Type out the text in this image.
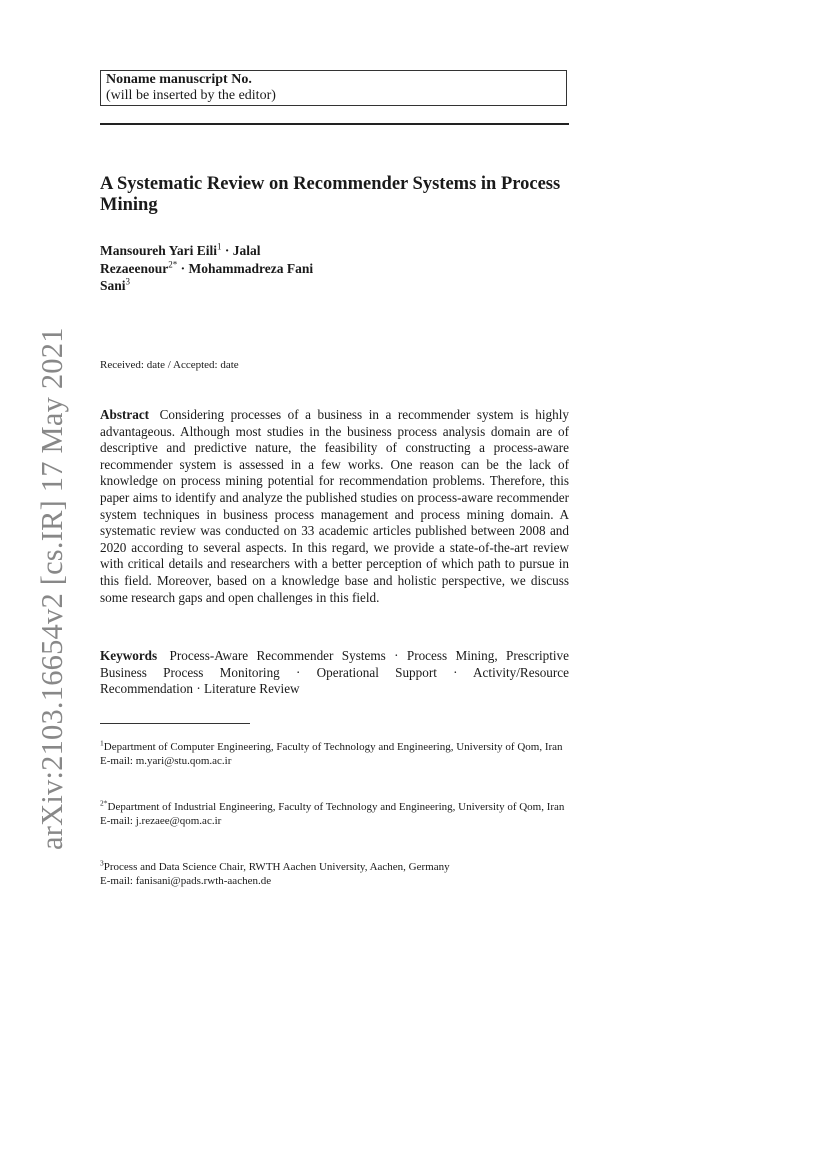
arXiv:2103.16654v2 [cs.IR] 17 May 2021
Noname manuscript No.
(will be inserted by the editor)
A Systematic Review on Recommender Systems in Process Mining
Mansoureh Yari Eili$^1$ · Jalal
Rezaeenour$^{2*}$ · Mohammadreza Fani
Sani$^3$
Received: date / Accepted: date
Abstract Considering processes of a business in a recommender system is highly advantageous. Although most studies in the business process analysis domain are of descriptive and predictive nature, the feasibility of constructing a process-aware recommender system is assessed in a few works. One reason can be the lack of knowledge on process mining potential for recommendation problems. Therefore, this paper aims to identify and analyze the published studies on process-aware recommender system techniques in business process management and process mining domain. A systematic review was conducted on 33 academic articles published between 2008 and 2020 according to several aspects. In this regard, we provide a state-of-the-art review with critical details and researchers with a better perception of which path to pursue in this field. Moreover, based on a knowledge base and holistic perspective, we discuss some research gaps and open challenges in this field.
Keywords Process-Aware Recommender Systems · Process Mining, Prescriptive Business Process Monitoring · Operational Support · Activity/Resource Recommendation · Literature Review
$^1$Department of Computer Engineering, Faculty of Technology and Engineering, University of Qom, Iran
E-mail: m.yari@stu.qom.ac.ir
$^{2*}$Department of Industrial Engineering, Faculty of Technology and Engineering, University of Qom, Iran
E-mail: j.rezaee@qom.ac.ir
$^3$Process and Data Science Chair, RWTH Aachen University, Aachen, Germany
E-mail: fanisani@pads.rwth-aachen.de
